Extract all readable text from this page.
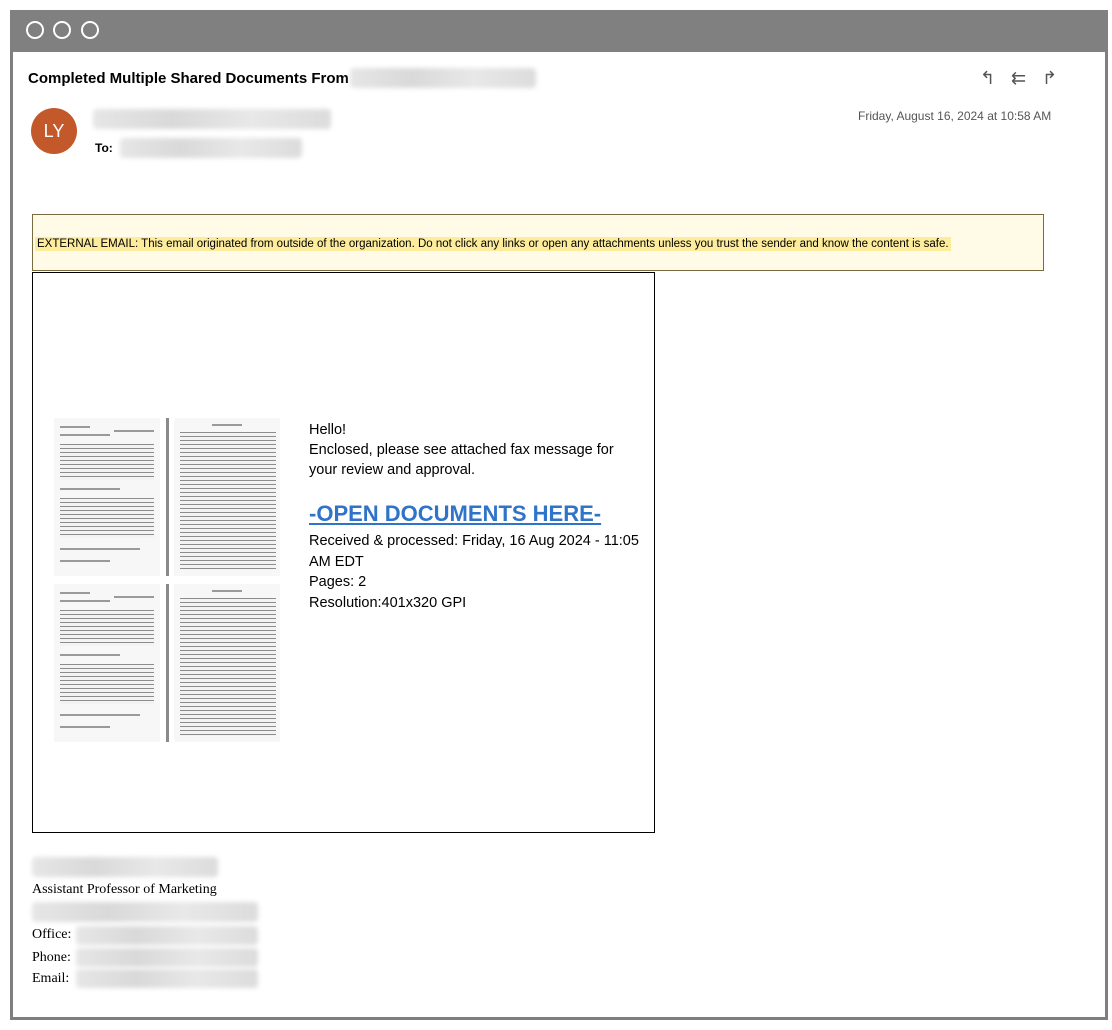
Completed Multiple Shared Documents From	↰ ⇇ ↱
LY
To:
Friday, August 16, 2024 at 10:58 AM
EXTERNAL EMAIL: This email originated from outside of the organization. Do not click any links or open any attachments unless you trust the sender and know the content is safe.
Hello!
Enclosed, please see attached fax message for your review and approval.
-OPEN DOCUMENTS HERE-
Received & processed: Friday, 16 Aug 2024 - 11:05 AM EDT
Pages: 2
Resolution:401x320 GPI
Assistant Professor of Marketing
Office:
Phone:
Email:
